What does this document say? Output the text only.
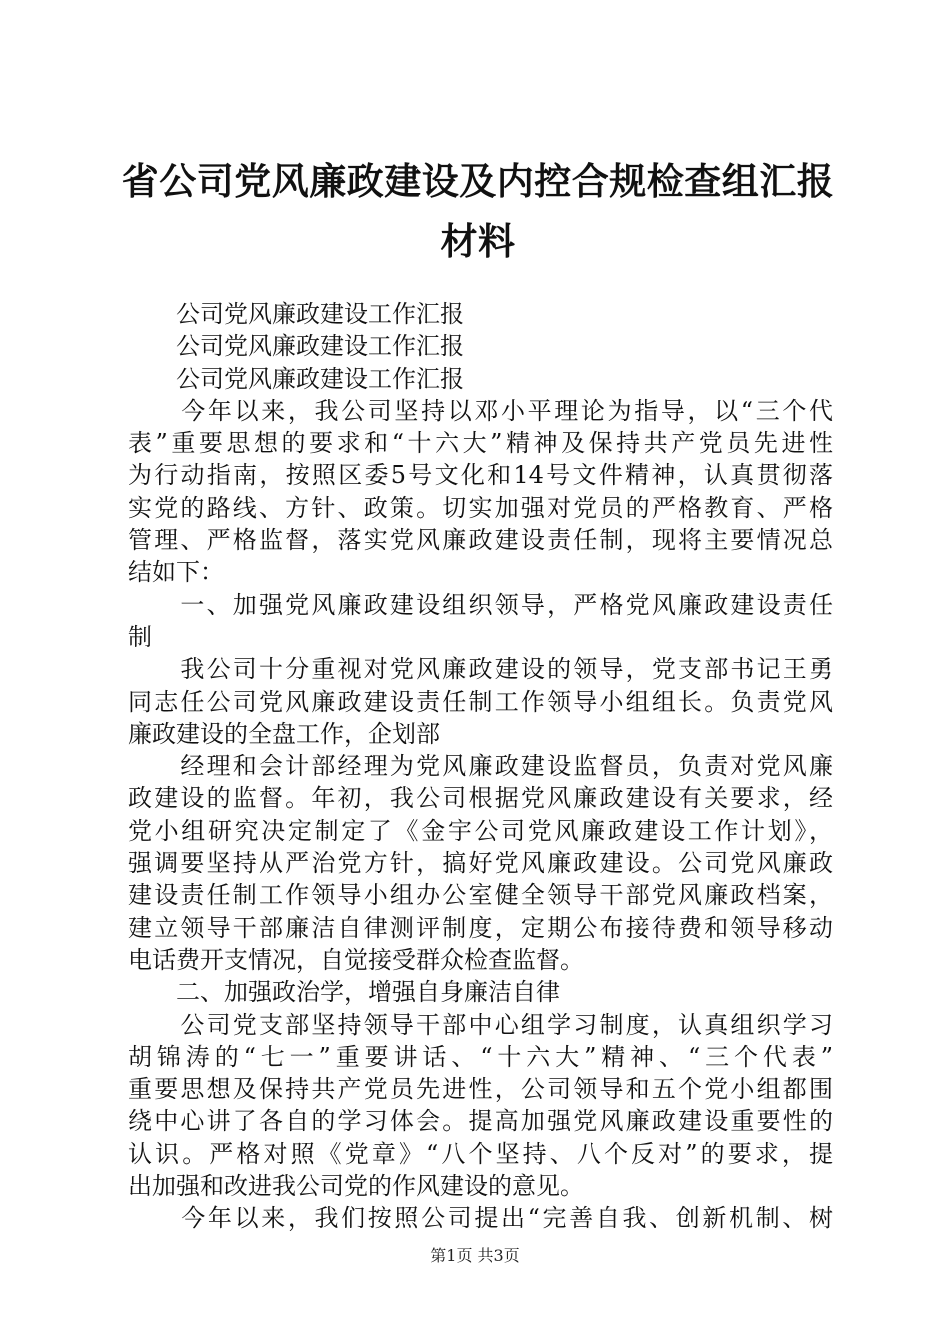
省公司党风廉政建设及内控合规检查组汇报材料
　　公司党风廉政建设工作汇报
　　公司党风廉政建设工作汇报
　　公司党风廉政建设工作汇报
　　今年以来，我公司坚持以邓小平理论为指导，以“三个代
表”重要思想的要求和“十六大”精神及保持共产党员先进性
为行动指南，按照区委5号文化和14号文件精神，认真贯彻落
实党的路线、方针、政策。切实加强对党员的严格教育、严格
管理、严格监督，落实党风廉政建设责任制，现将主要情况总
结如下：
　　一、加强党风廉政建设组织领导，严格党风廉政建设责任
制
　　我公司十分重视对党风廉政建设的领导，党支部书记王勇
同志任公司党风廉政建设责任制工作领导小组组长。负责党风
廉政建设的全盘工作，企划部
　　经理和会计部经理为党风廉政建设监督员，负责对党风廉
政建设的监督。年初，我公司根据党风廉政建设有关要求，经
党小组研究决定制定了《金宇公司党风廉政建设工作计划》，
强调要坚持从严治党方针，搞好党风廉政建设。公司党风廉政
建设责任制工作领导小组办公室健全领导干部党风廉政档案，
建立领导干部廉洁自律测评制度，定期公布接待费和领导移动
电话费开支情况，自觉接受群众检查监督。
　　二、加强政治学，增强自身廉洁自律
　　公司党支部坚持领导干部中心组学习制度，认真组织学习
胡锦涛的“七一”重要讲话、“十六大”精神、“三个代表”
重要思想及保持共产党员先进性，公司领导和五个党小组都围
绕中心讲了各自的学习体会。提高加强党风廉政建设重要性的
认识。严格对照《党章》“八个坚持、八个反对”的要求，提
出加强和改进我公司党的作风建设的意见。
　　今年以来，我们按照公司提出“完善自我、创新机制、树
第1页 共3页
